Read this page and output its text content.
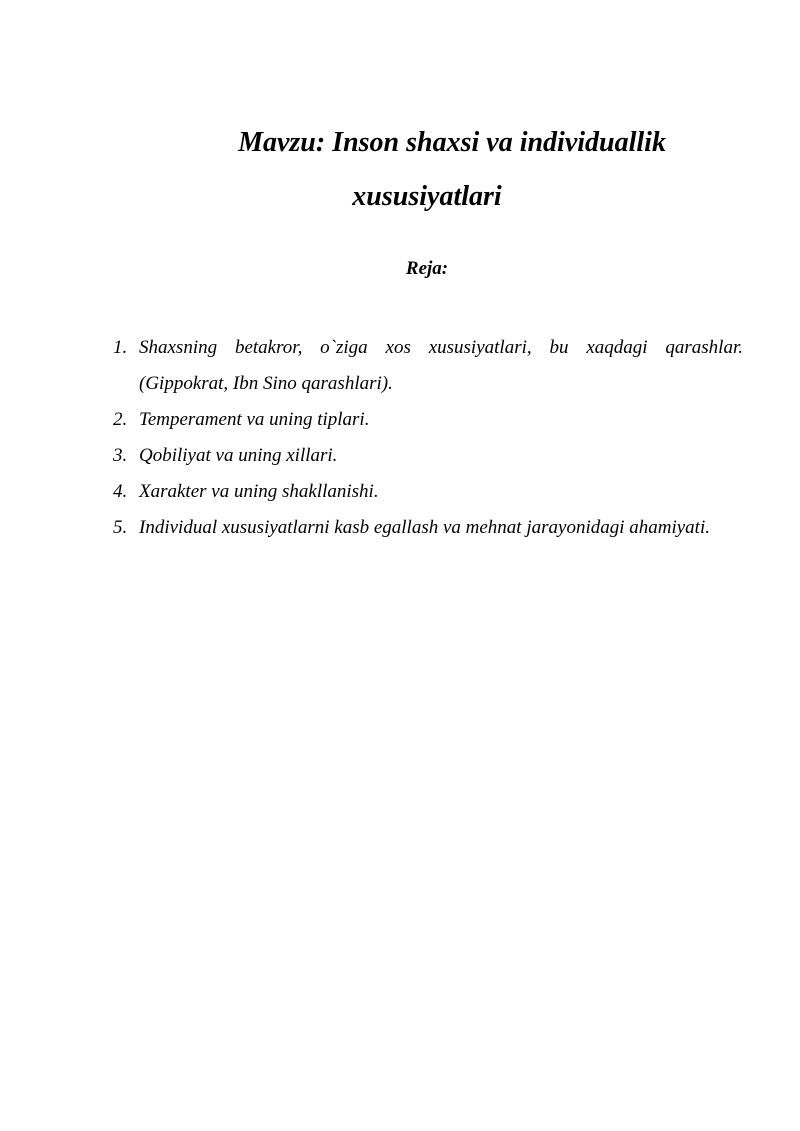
Mavzu: Inson shaxsi va individuallik
xususiyatlari
Reja:
1. Shaxsning betakror, o`ziga xos xususiyatlari, bu xaqdagi qarashlar. (Gippokrat, Ibn Sino qarashlari).
2. Temperament va uning tiplari.
3. Qobiliyat va uning xillari.
4. Xarakter va uning shakllanishi.
5. Individual xususiyatlarni kasb egallash va mehnat jarayonidagi ahamiyati.
